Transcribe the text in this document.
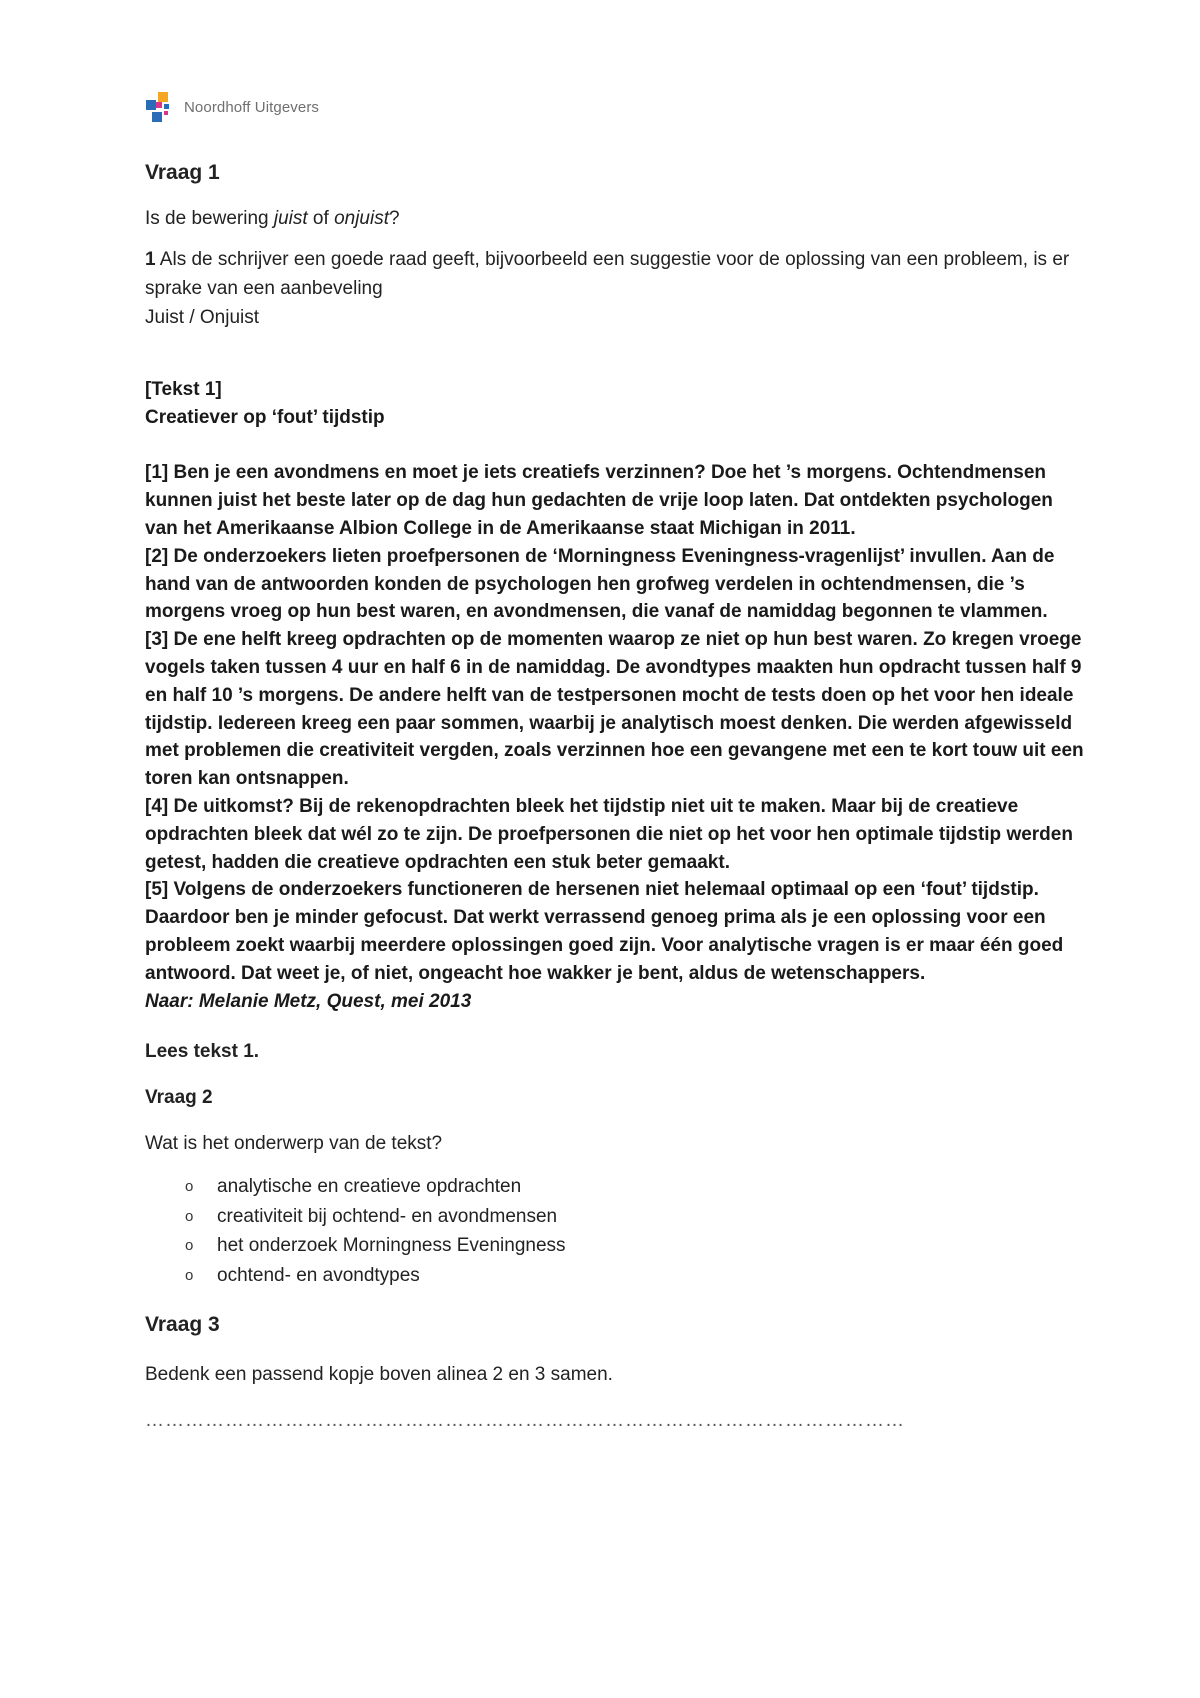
Noordhoff Uitgevers
Vraag 1

Is de bewering juist of onjuist?

1 Als de schrijver een goede raad geeft, bijvoorbeeld een suggestie voor de oplossing van een probleem, is er sprake van een aanbeveling
Juist / Onjuist

[Tekst 1]

Creatiever op ‘fout’ tijdstip

[1] Ben je een avondmens en moet je iets creatiefs verzinnen? Doe het ’s morgens. Ochtendmensen kunnen juist het beste later op de dag hun gedachten de vrije loop laten. Dat ontdekten psychologen van het Amerikaanse Albion College in de Amerikaanse staat Michigan in 2011.

[2] De onderzoekers lieten proefpersonen de ‘Morningness Eveningness-vragenlijst’ invullen. Aan de hand van de antwoorden konden de psychologen hen grofweg verdelen in ochtendmensen, die ’s morgens vroeg op hun best waren, en avondmensen, die vanaf de namiddag begonnen te vlammen.

[3] De ene helft kreeg opdrachten op de momenten waarop ze niet op hun best waren. Zo kregen vroege vogels taken tussen 4 uur en half 6 in de namiddag. De avondtypes maakten hun opdracht tussen half 9 en half 10 ’s morgens. De andere helft van de testpersonen mocht de tests doen op het voor hen ideale tijdstip. Iedereen kreeg een paar sommen, waarbij je analytisch moest denken. Die werden afgewisseld met problemen die creativiteit vergden, zoals verzinnen hoe een gevangene met een te kort touw uit een toren kan ontsnappen.

[4] De uitkomst? Bij de rekenopdrachten bleek het tijdstip niet uit te maken. Maar bij de creatieve opdrachten bleek dat wél zo te zijn. De proefpersonen die niet op het voor hen optimale tijdstip werden getest, hadden die creatieve opdrachten een stuk beter gemaakt.

[5] Volgens de onderzoekers functioneren de hersenen niet helemaal optimaal op een ‘fout’ tijdstip. Daardoor ben je minder gefocust. Dat werkt verrassend genoeg prima als je een oplossing voor een probleem zoekt waarbij meerdere oplossingen goed zijn. Voor analytische vragen is er maar één goed antwoord. Dat weet je, of niet, ongeacht hoe wakker je bent, aldus de wetenschappers.

Naar: Melanie Metz, Quest, mei 2013

Lees tekst 1.

Vraag 2

Wat is het onderwerp van de tekst?

o	analytische en creatieve opdrachten
o	creativiteit bij ochtend- en avondmensen
o	het onderzoek Morningness Eveningness
o	ochtend- en avondtypes
Vraag 3

Bedenk een passend kopje boven alinea 2 en 3 samen.

……………………………………………………………………………………………………
